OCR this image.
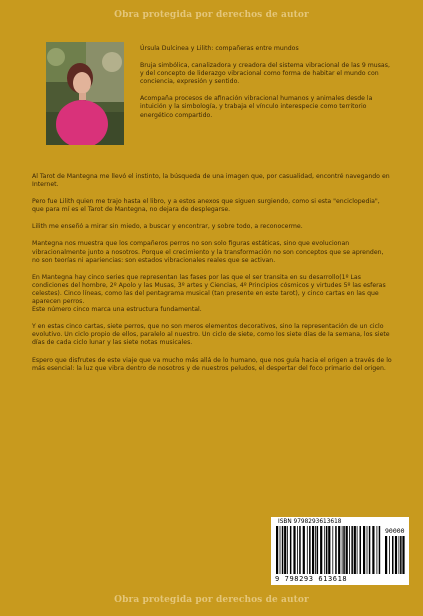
Obra protegida por derechos de autor

Úrsula Dulcinea y Lilith: compañeras entre mundos

Bruja simbólica, canalizadora y creadora del sistema vibracional de las 9 musas, y del concepto de liderazgo vibracional como forma de habitar el mundo con conciencia, expresión y sentido.

Acompaña procesos de afinación vibracional humanos y animales desde la intuición y la simbología, y trabaja el vínculo interespecie como territorio energético compartido.

Al Tarot de Mantegna me llevó el instinto, la búsqueda de una imagen que, por casualidad, encontré navegando en Internet.

Pero fue Lilith quien me trajo hasta el libro, y a estos anexos que siguen surgiendo, como si esta "enciclopedia", que para mí es el Tarot de Mantegna, no dejara de desplegarse.

Lilith me enseñó a mirar sin miedo, a buscar y encontrar, y sobre todo, a reconocerme.

Mantegna nos muestra que los compañeros perros no son solo figuras estáticas, sino que evolucionan vibracionalmente junto a nosotros. Porque el crecimiento y la transformación no son conceptos que se aprenden, no son teorías ni apariencias: son estados vibracionales reales que se activan.

En Mantegna hay cinco series que representan las fases por las que el ser transita en su desarrollo(1º Las condiciones del hombre, 2º Apolo y las Musas, 3º artes y Ciencias, 4º Principios cósmicos y virtudes 5º las esferas celestes). Cinco líneas, como las del pentagrama musical (tan presente en este tarot), y cinco cartas en las que aparecen perros.

Este número cinco marca una estructura fundamental.

Y en estas cinco cartas, siete perros, que no son meros elementos decorativos, sino la representación de un ciclo evolutivo. Un ciclo propio de ellos, paralelo al nuestro. Un ciclo de siete, como los siete días de la semana, los siete días de cada ciclo lunar y las siete notas musicales.

Espero que disfrutes de este viaje que va mucho más allá de lo humano, que nos guía hacia el origen a través de lo más esencial: la luz que vibra dentro de nosotros y de nuestros peludos, el despertar del foco primario del origen.

ISBN 9798293613618
90000
9 798293 613618
Obra protegida por derechos de autor
